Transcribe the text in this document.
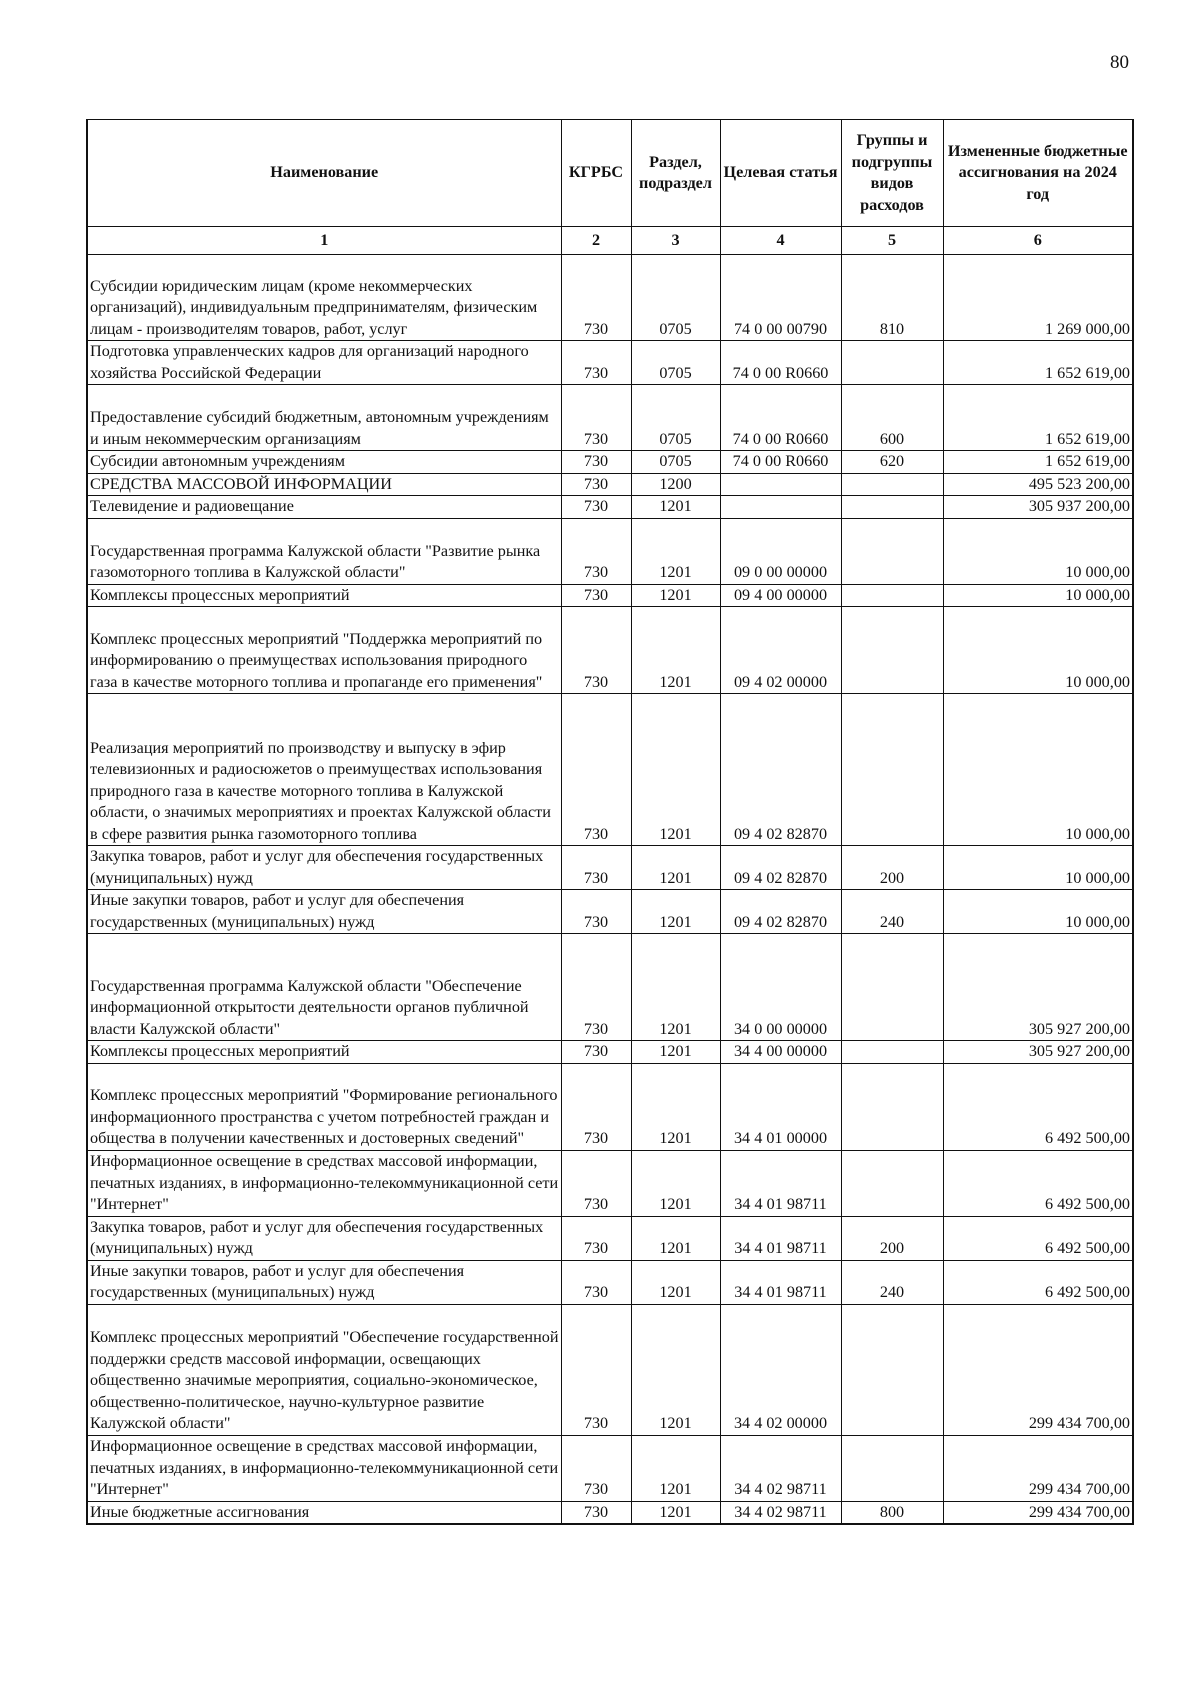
80
Наименование	КГРБС	Раздел, подраздел	Целевая статья	Группы и подгруппы видов расходов	Измененные бюджетные ассигнования на 2024 год
1	2	3	4	5	6
Субсидии юридическим лицам (кроме некоммерческих организаций), индивидуальным предпринимателям, физическим лицам - производителям товаров, работ, услуг	730	0705	74 0 00 00790	810	1 269 000,00
Подготовка управленческих кадров для организаций народного хозяйства Российской Федерации	730	0705	74 0 00 R0660		1 652 619,00
Предоставление субсидий бюджетным, автономным учреждениям и иным некоммерческим организациям	730	0705	74 0 00 R0660	600	1 652 619,00
Субсидии автономным учреждениям	730	0705	74 0 00 R0660	620	1 652 619,00
СРЕДСТВА МАССОВОЙ ИНФОРМАЦИИ	730	1200			495 523 200,00
Телевидение и радиовещание	730	1201			305 937 200,00
Государственная программа Калужской области "Развитие рынка газомоторного топлива в Калужской области"	730	1201	09 0 00 00000		10 000,00
Комплексы процессных мероприятий	730	1201	09 4 00 00000		10 000,00
Комплекс процессных мероприятий "Поддержка мероприятий по информированию о преимуществах использования природного газа в качестве моторного топлива и пропаганде его применения"	730	1201	09 4 02 00000		10 000,00
Реализация мероприятий по производству и выпуску в эфир телевизионных и радиосюжетов о преимуществах использования природного газа в качестве моторного топлива в Калужской области, о значимых мероприятиях и проектах Калужской области в сфере развития рынка газомоторного топлива	730	1201	09 4 02 82870		10 000,00
Закупка товаров, работ и услуг для обеспечения государственных (муниципальных) нужд	730	1201	09 4 02 82870	200	10 000,00
Иные закупки товаров, работ и услуг для обеспечения государственных (муниципальных) нужд	730	1201	09 4 02 82870	240	10 000,00
Государственная программа Калужской области "Обеспечение информационной открытости деятельности органов публичной власти Калужской области"	730	1201	34 0 00 00000		305 927 200,00
Комплексы процессных мероприятий	730	1201	34 4 00 00000		305 927 200,00
Комплекс процессных мероприятий "Формирование регионального информационного пространства с учетом потребностей граждан и общества в получении качественных и достоверных сведений"	730	1201	34 4 01 00000		6 492 500,00
Информационное освещение в средствах массовой информации, печатных изданиях, в информационно-телекоммуникационной сети "Интернет"	730	1201	34 4 01 98711		6 492 500,00
Закупка товаров, работ и услуг для обеспечения государственных (муниципальных) нужд	730	1201	34 4 01 98711	200	6 492 500,00
Иные закупки товаров, работ и услуг для обеспечения государственных (муниципальных) нужд	730	1201	34 4 01 98711	240	6 492 500,00
Комплекс процессных мероприятий "Обеспечение государственной поддержки средств массовой информации, освещающих общественно значимые мероприятия, социально-экономическое, общественно-политическое, научно-культурное развитие Калужской области"	730	1201	34 4 02 00000		299 434 700,00
Информационное освещение в средствах массовой информации, печатных изданиях, в информационно-телекоммуникационной сети "Интернет"	730	1201	34 4 02 98711		299 434 700,00
Иные бюджетные ассигнования	730	1201	34 4 02 98711	800	299 434 700,00
